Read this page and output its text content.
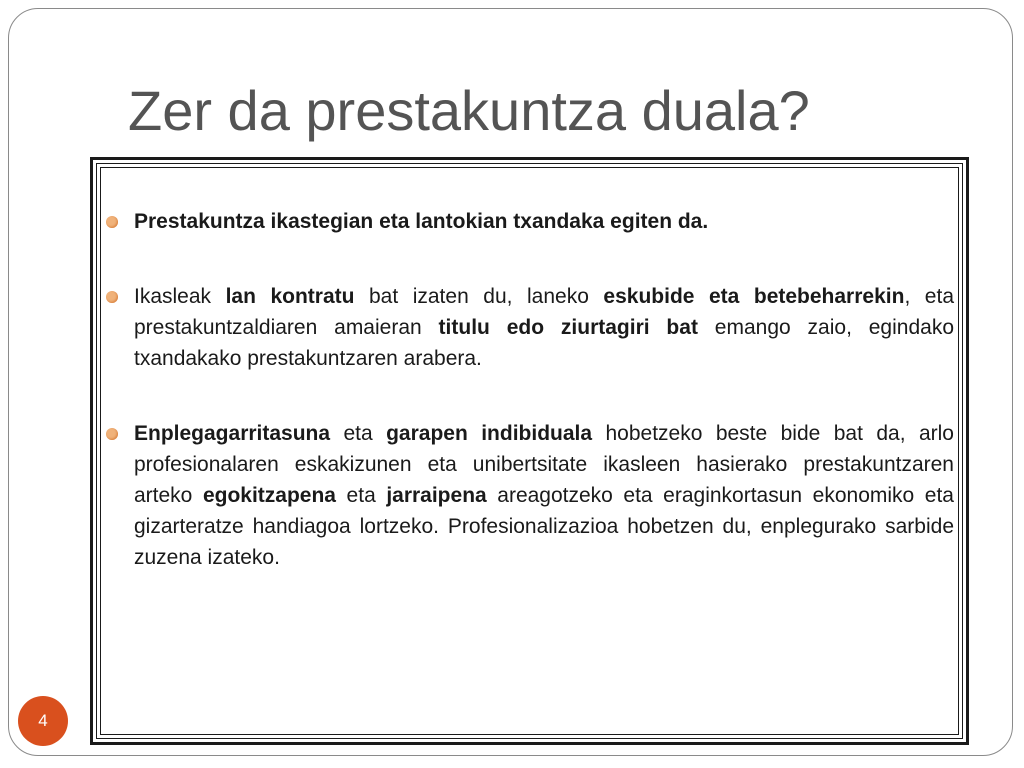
Zer da prestakuntza duala?
Prestakuntza ikastegian eta lantokian txandaka egiten da.
Ikasleak lan kontratu bat izaten du, laneko eskubide eta betebeharrekin, eta prestakuntzaldiaren amaieran titulu edo ziurtagiri bat emango zaio, egindako txandakako prestakuntzaren arabera.
Enplegagarritasuna eta garapen indibiduala hobetzeko beste bide bat da, arlo profesionalaren eskakizunen eta unibertsitate ikasleen hasierako prestakuntzaren arteko egokitzapena eta jarraipena areagotzeko eta eraginkortasun ekonomiko eta gizarteratze handiagoa lortzeko. Profesionalizazioa hobetzen du, enplegurako sarbide zuzena izateko.
4
